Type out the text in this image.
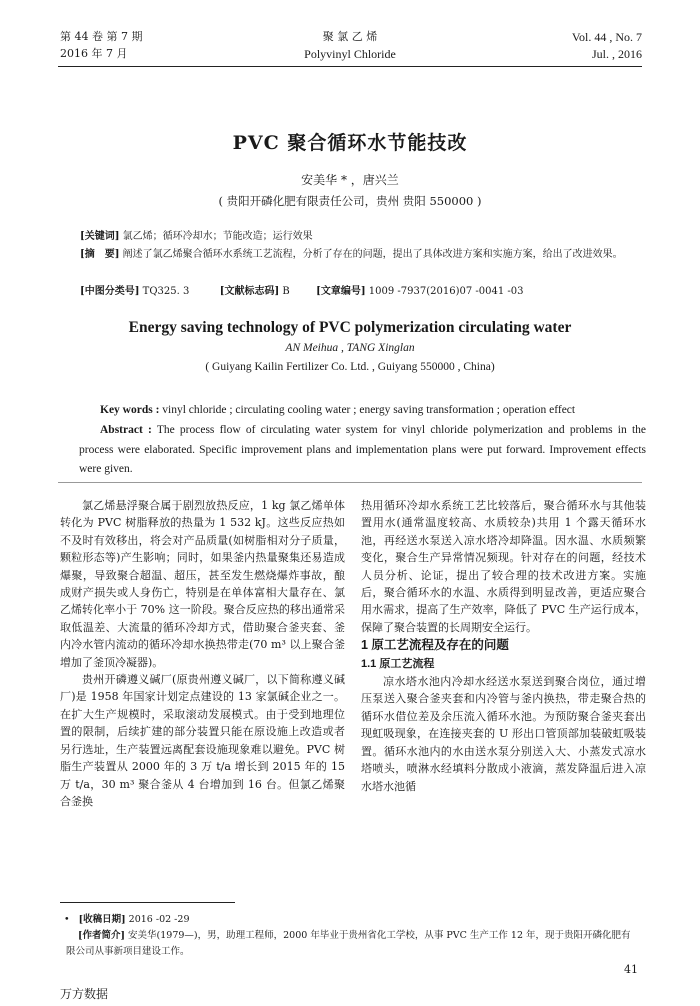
第 44 卷 第 7 期
2016 年 7 月
聚 氯 乙 烯
Polyvinyl Chloride
Vol. 44 , No. 7
Jul. , 2016
PVC 聚合循环水节能技改
安美华 * ，唐兴兰
( 贵阳开磷化肥有限责任公司，贵州 贵阳 550000 )
[关键词] 氯乙烯；循环冷却水；节能改造；运行效果
[摘　要] 阐述了氯乙烯聚合循环水系统工艺流程，分析了存在的问题，提出了具体改进方案和实施方案，给出了改进效果。
[中图分类号] TQ325. 3	[文献标志码] B	[文章编号] 1009 -7937(2016)07 -0041 -03
Energy saving technology of PVC polymerization circulating water
AN Meihua , TANG Xinglan
( Guiyang Kailin Fertilizer Co. Ltd. , Guiyang 550000 , China)
Key words : vinyl chloride ; circulating cooling water ; energy saving transformation ; operation effect
Abstract : The process flow of circulating water system for vinyl chloride polymerization and problems in the process were elaborated. Specific improvement plans and implementation plans were put forward. Improvement effects were given.

氯乙烯悬浮聚合属于剧烈放热反应，1 kg 氯乙烯单体转化为 PVC 树脂释放的热量为 1 532 kJ。这些反应热如不及时有效移出，将会对产品质量(如树脂相对分子质量，颗粒形态等)产生影响；同时，如果釜内热量聚集还易造成爆聚，导致聚合超温、超压，甚至发生燃烧爆炸事故，酿成财产损失或人身伤亡，特别是在单体富相大量存在、氯乙烯转化率小于 70% 这一阶段。聚合反应热的移出通常采取低温差、大流量的循环冷却方式，借助聚合釜夹套、釜内冷水管内流动的循环冷却水换热带走(70 m³ 以上聚合釜增加了釜顶冷凝器)。

贵州开磷遵义碱厂(原贵州遵义碱厂，以下简称遵义碱厂)是 1958 年国家计划定点建设的 13 家氯碱企业之一。在扩大生产规模时，采取滚动发展模式。由于受到地理位置的限制，后续扩建的部分装置只能在原设施上改造或者另行选址，生产装置远离配套设施现象难以避免。PVC 树脂生产装置从 2000 年的 3 万 t/a 增长到 2015 年的 15 万 t/a，30 m³ 聚合釜从 4 台增加到 16 台。但氯乙烯聚合釜换

热用循环冷却水系统工艺比较落后，聚合循环水与其他装置用水(通常温度较高、水质较杂)共用 1 个露天循环水池，再经送水泵送入凉水塔冷却降温。因水温、水质频繁变化，聚合生产异常情况频现。针对存在的问题，经技术人员分析、论证，提出了较合理的技术改进方案。实施后，聚合循环水的水温、水质得到明显改善，更适应聚合用水需求，提高了生产效率，降低了 PVC 生产运行成本，保障了聚合装置的长周期安全运行。

1 原工艺流程及存在的问题
1.1 原工艺流程

凉水塔水池内冷却水经送水泵送到聚合岗位，通过增压泵送入聚合釜夹套和内冷管与釜内换热，带走聚合热的循环水借位差及余压流入循环水池。为预防聚合釜夹套出现虹吸现象，在连接夹套的 U 形出口管顶部加装破虹吸装置。循环水池内的水由送水泵分别送入大、小蒸发式凉水塔喷头，喷淋水经填料分散成小液滴，蒸发降温后进入凉水塔水池循

• [收稿日期] 2016 -02 -29
[作者简介] 安美华(1979—)，男，助理工程师，2000 年毕业于贵州省化工学校，从事 PVC 生产工作 12 年，现于贵阳开磷化肥有限公司从事新项目建设工作。
41
万方数据
